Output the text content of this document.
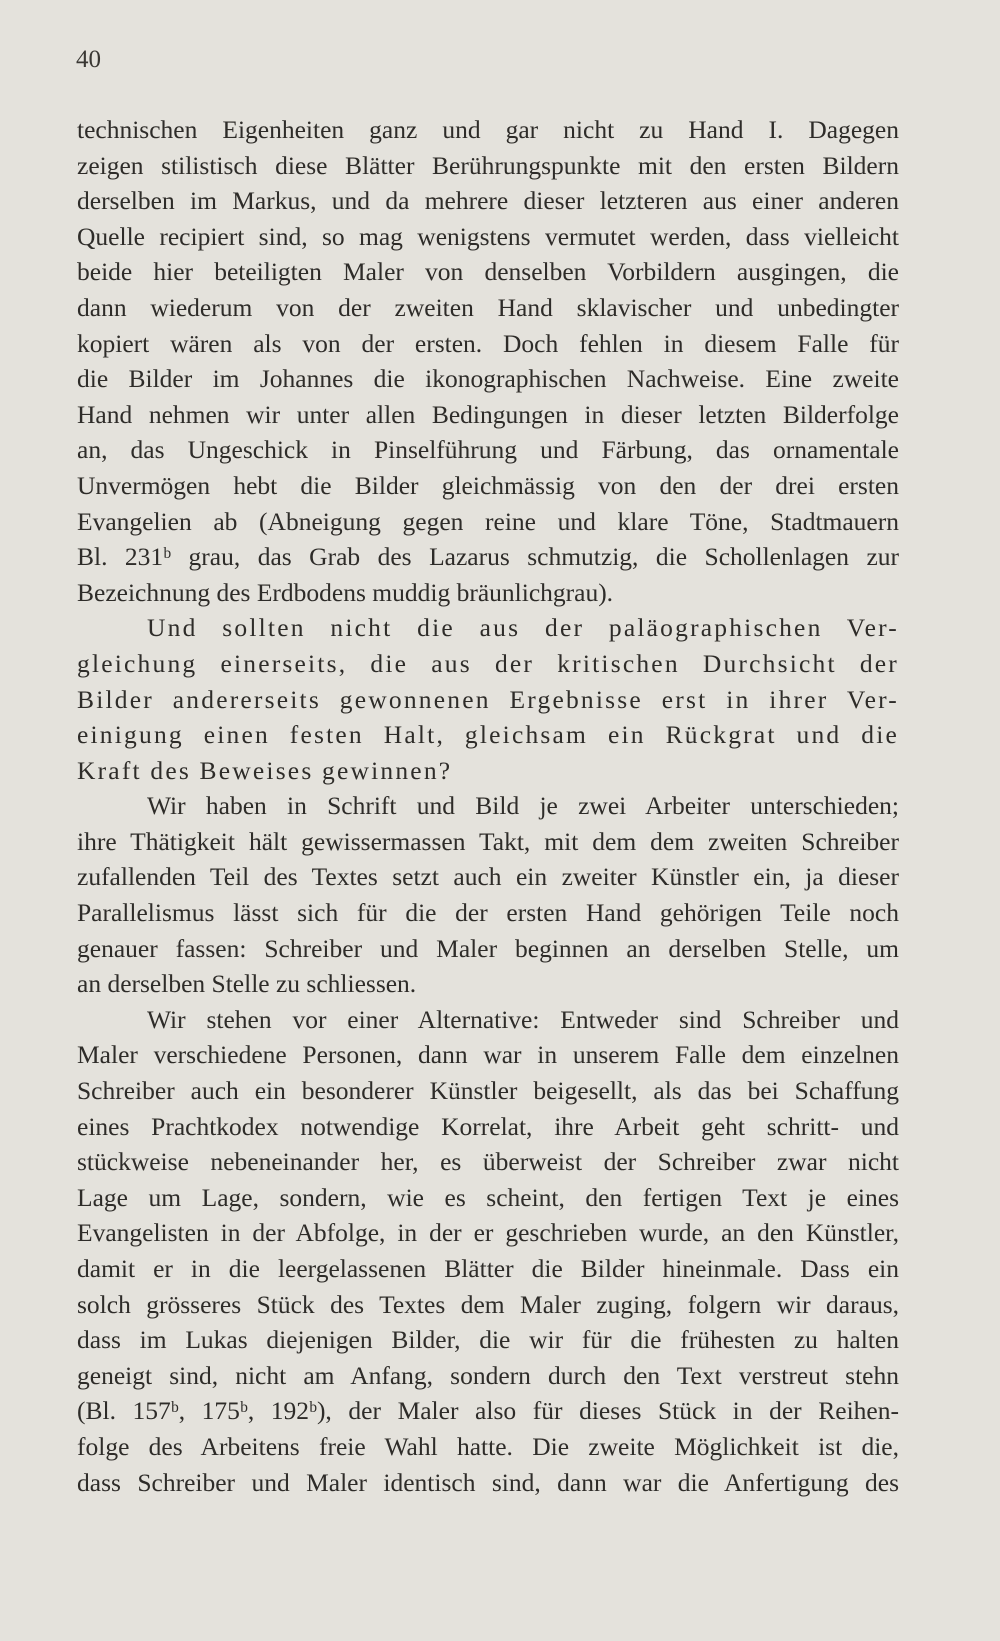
40

technischen Eigenheiten ganz und gar nicht zu Hand I. Dagegen
zeigen stilistisch diese Blätter Berührungspunkte mit den ersten Bildern
derselben im Markus, und da mehrere dieser letzteren aus einer anderen
Quelle recipiert sind, so mag wenigstens vermutet werden, dass vielleicht
beide hier beteiligten Maler von denselben Vorbildern ausgingen, die
dann wiederum von der zweiten Hand sklavischer und unbedingter
kopiert wären als von der ersten. Doch fehlen in diesem Falle für
die Bilder im Johannes die ikonographischen Nachweise. Eine zweite
Hand nehmen wir unter allen Bedingungen in dieser letzten Bilderfolge
an, das Ungeschick in Pinselführung und Färbung, das ornamentale
Unvermögen hebt die Bilder gleichmässig von den der drei ersten
Evangelien ab (Abneigung gegen reine und klare Töne, Stadtmauern
Bl. 231ᵇ grau, das Grab des Lazarus schmutzig, die Schollenlagen zur
Bezeichnung des Erdbodens muddig bräunlichgrau).

Und sollten nicht die aus der paläographischen Ver-
gleichung einerseits, die aus der kritischen Durchsicht der
Bilder andererseits gewonnenen Ergebnisse erst in ihrer Ver-
einigung einen festen Halt, gleichsam ein Rückgrat und die
Kraft des Beweises gewinnen?

Wir haben in Schrift und Bild je zwei Arbeiter unterschieden;
ihre Thätigkeit hält gewissermassen Takt, mit dem dem zweiten Schreiber
zufallenden Teil des Textes setzt auch ein zweiter Künstler ein, ja dieser
Parallelismus lässt sich für die der ersten Hand gehörigen Teile noch
genauer fassen: Schreiber und Maler beginnen an derselben Stelle, um
an derselben Stelle zu schliessen.

Wir stehen vor einer Alternative: Entweder sind Schreiber und
Maler verschiedene Personen, dann war in unserem Falle dem einzelnen
Schreiber auch ein besonderer Künstler beigesellt, als das bei Schaffung
eines Prachtkodex notwendige Korrelat, ihre Arbeit geht schritt- und
stückweise nebeneinander her, es überweist der Schreiber zwar nicht
Lage um Lage, sondern, wie es scheint, den fertigen Text je eines
Evangelisten in der Abfolge, in der er geschrieben wurde, an den Künstler,
damit er in die leergelassenen Blätter die Bilder hineinmale. Dass ein
solch grösseres Stück des Textes dem Maler zuging, folgern wir daraus,
dass im Lukas diejenigen Bilder, die wir für die frühesten zu halten
geneigt sind, nicht am Anfang, sondern durch den Text verstreut stehn
(Bl. 157ᵇ, 175ᵇ, 192ᵇ), der Maler also für dieses Stück in der Reihen-
folge des Arbeitens freie Wahl hatte. Die zweite Möglichkeit ist die,
dass Schreiber und Maler identisch sind, dann war die Anfertigung des
